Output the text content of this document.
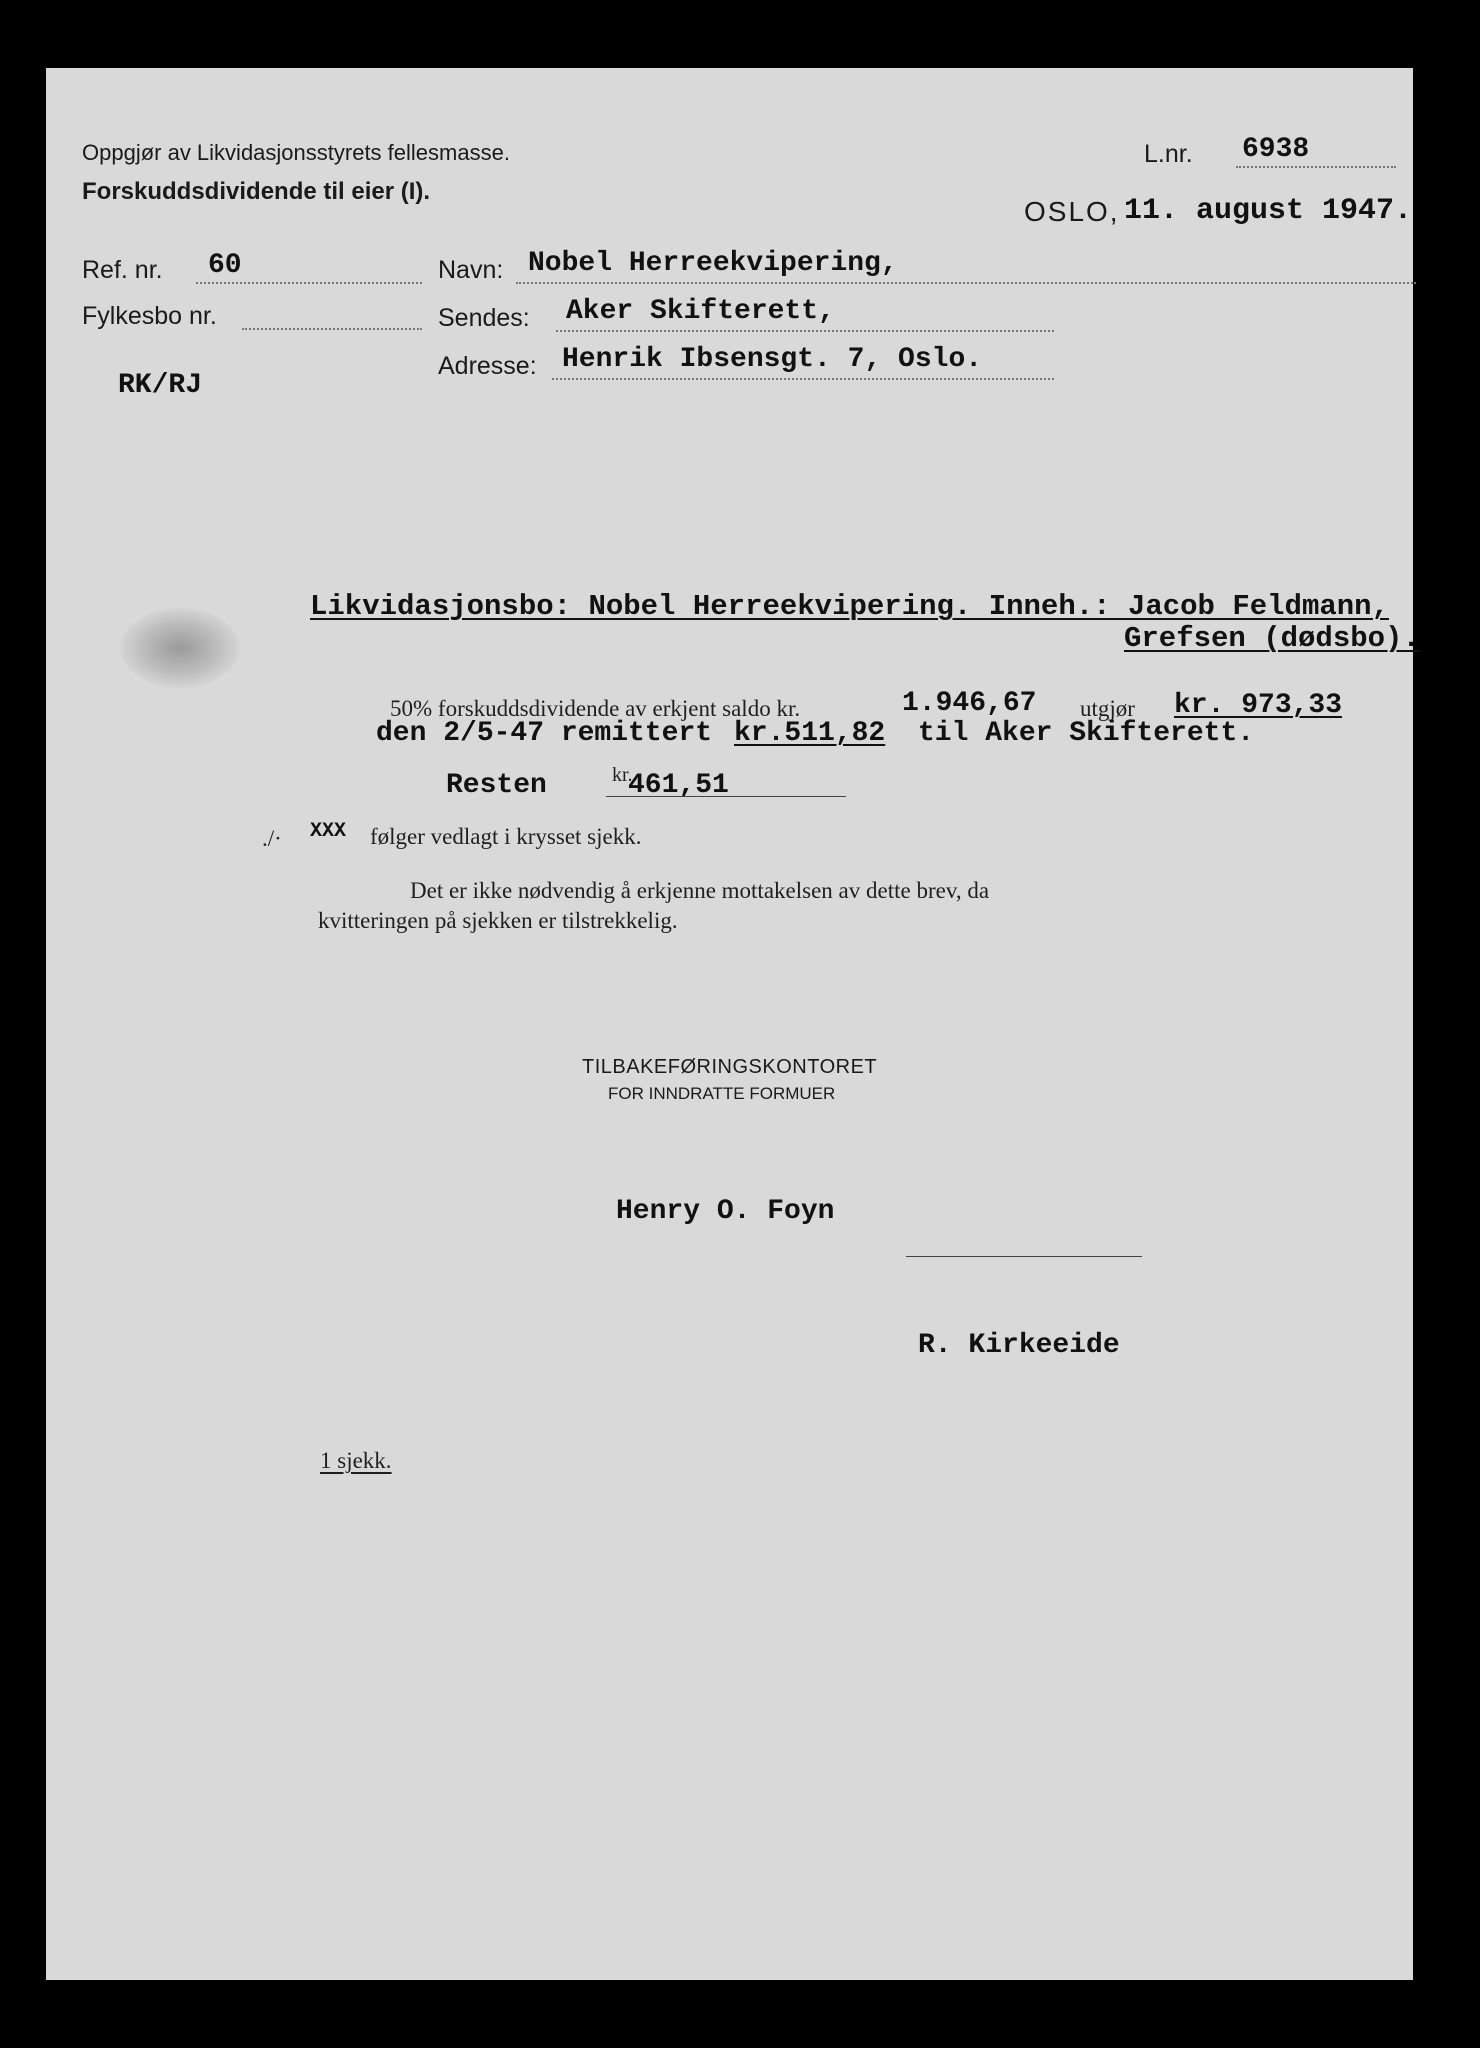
Oppgjør av Likvidasjonsstyrets fellesmasse.
Forskuddsdividende til eier (I).
L.nr. 6938
OSLO, 11. august 1947.
Ref. nr. 60
Fylkesbo nr.
RK/RJ
Navn: Nobel Herreekvipering,
Sendes: Aker Skifterett,
Adresse: Henrik Ibsensgt. 7, Oslo.
Likvidasjonsbo: Nobel Herreekvipering. Inneh.: Jacob Feldmann,
Grefsen (dødsbo).
50% forskuddsdividende av erkjent saldo kr.	1.946,67 utgjør kr. 973,33
den 2/5-47 remittert kr.511,82 til Aker Skifterett.
Resten	kr.
461,51
./· XXX følger vedlagt i krysset sjekk.
Det er ikke nødvendig å erkjenne mottakelsen av dette brev, da
kvitteringen på sjekken er tilstrekkelig.
TILBAKEFØRINGSKONTORET
FOR INNDRATTE FORMUER
Henry O. Foyn
R. Kirkeeide
1 sjekk.
